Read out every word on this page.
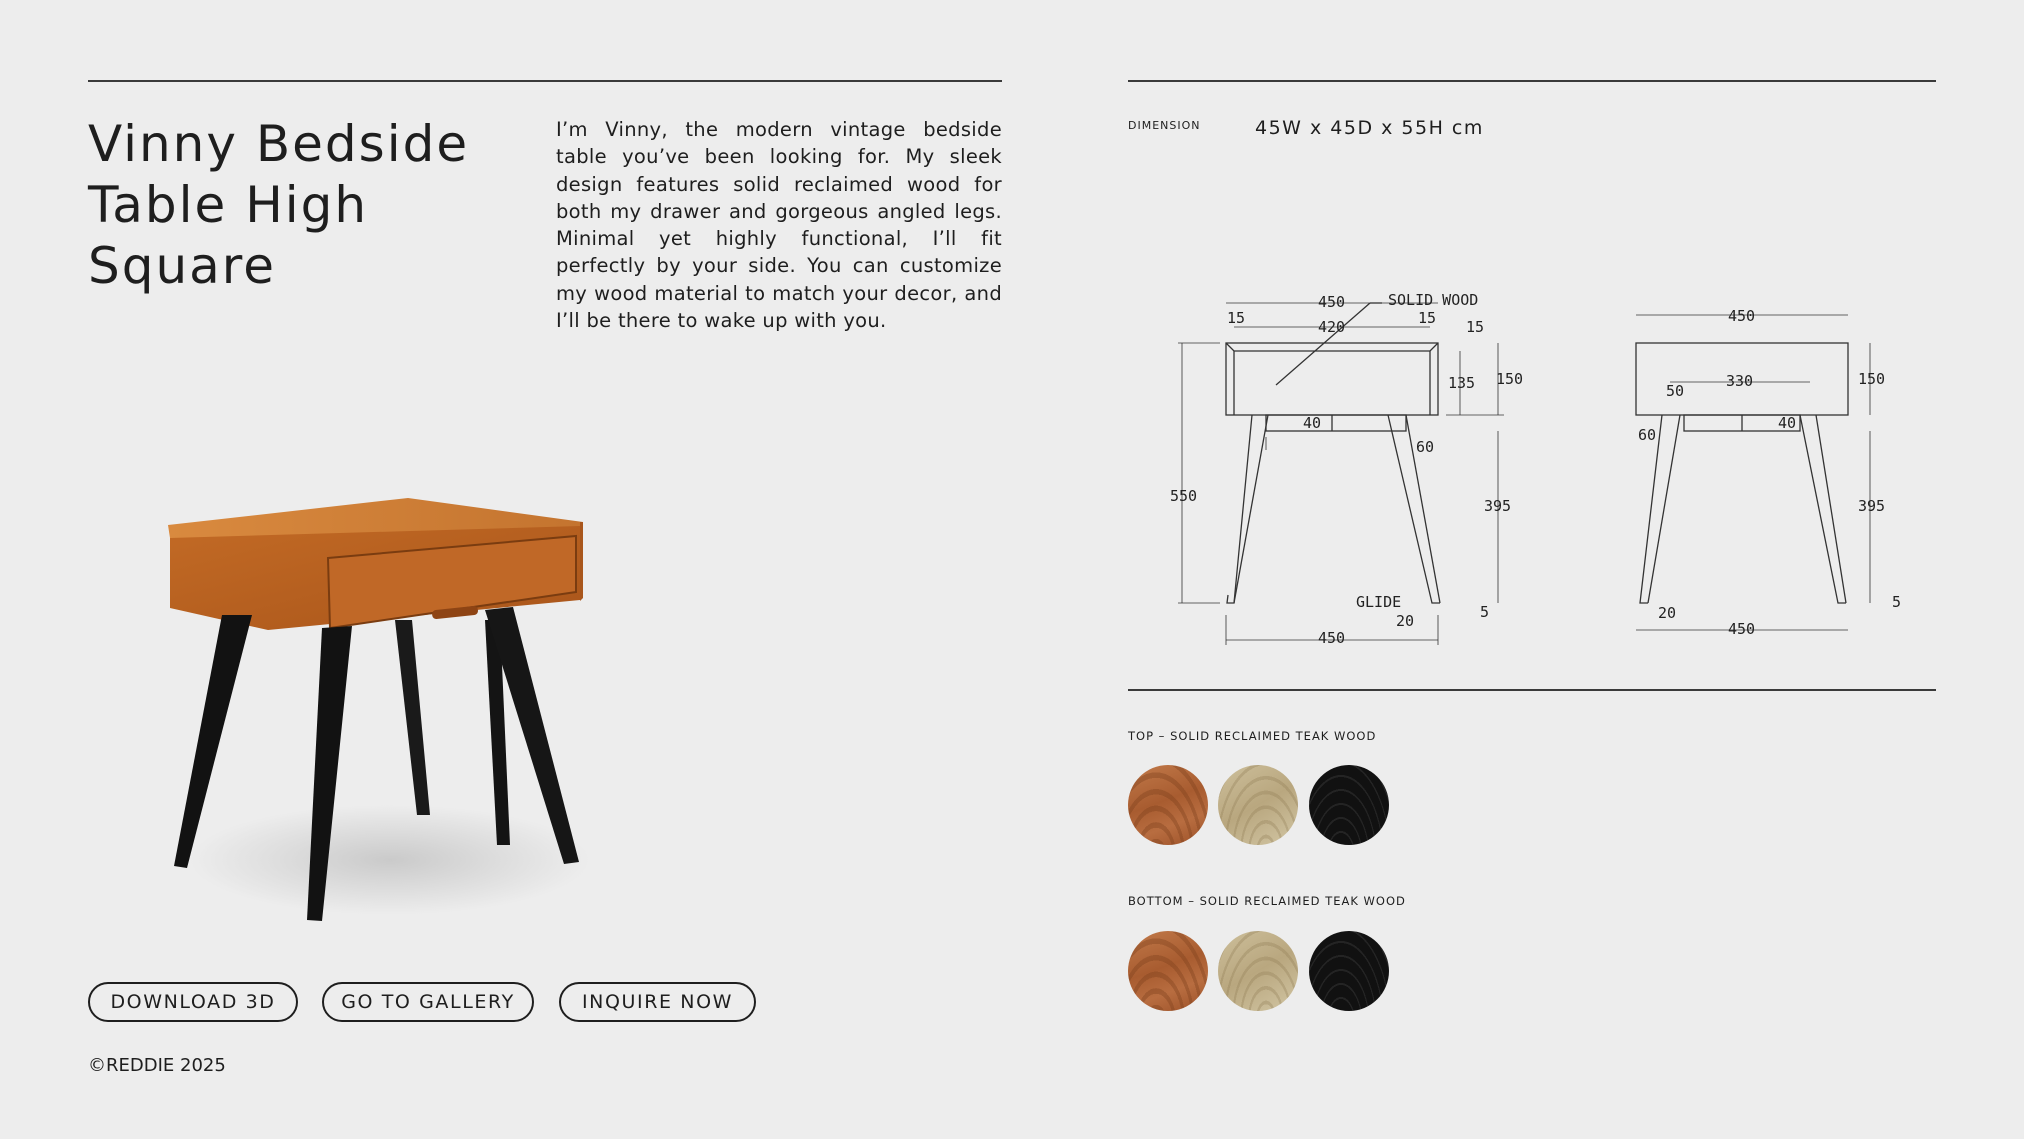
Vinny Bedside Table High Square

I’m Vinny, the modern vintage bedside table you’ve been looking for. My sleek design features solid reclaimed wood for both my drawer and gorgeous angled legs. Minimal yet highly functional, I’ll fit perfectly by your side. You can customize my wood material to match your decor, and I’ll be there to wake up with you.

DOWNLOAD 3D	GO TO GALLERY	INQUIRE NOW
©REDDIE 2025
DIMENSION	45W x 45D x 55H cm
450
15	15
420
SOLID WOOD
15
135 150
550
40
60
395
GLIDE
20	5
450
450
330
50
40
60
150
395
5
20
450
TOP – SOLID RECLAIMED TEAK WOOD
BOTTOM – SOLID RECLAIMED TEAK WOOD
